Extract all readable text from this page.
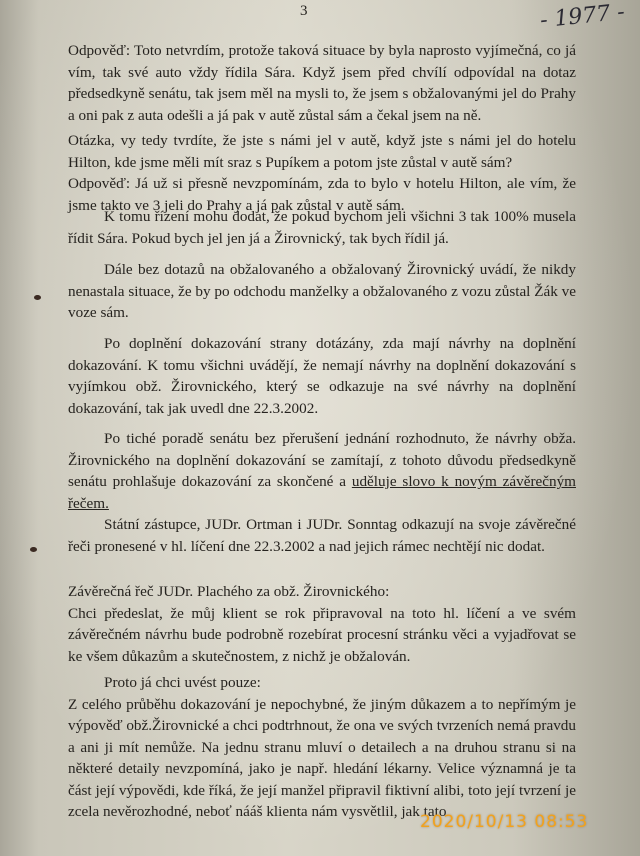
3	- 1977 -

Odpověď: Toto netvrdím, protože taková situace by byla naprosto vyjímečná, co já vím, tak své auto vždy řídila Sára. Když jsem před chvílí odpovídal na dotaz předsedkyně senátu, tak jsem měl na mysli to, že jsem s obžalovanými jel do Prahy a oni pak z auta odešli a já pak v autě zůstal sám a čekal jsem na ně.

Otázka, vy tedy tvrdíte, že jste s námi jel v autě, když jste s námi jel do hotelu Hilton, kde jsme měli mít sraz s Pupíkem a potom jste zůstal v autě sám?

Odpověď: Já už si přesně nevzpomínám, zda to bylo v hotelu Hilton, ale vím, že jsme takto ve 3 jeli do Prahy a já pak zůstal v autě sám.

K tomu řízení mohu dodat, že pokud bychom jeli všichni 3 tak 100% musela řídit Sára. Pokud bych jel jen já a Žirovnický, tak bych řídil já.

Dále bez dotazů na obžalovaného a obžalovaný Žirovnický uvádí, že nikdy nenastala situace, že by po odchodu manželky a obžalovaného z vozu zůstal Žák ve voze sám.

Po doplnění dokazování strany dotázány, zda mají návrhy na doplnění dokazování. K tomu všichni uvádějí, že nemají návrhy na doplnění dokazování s vyjímkou obž. Žirovnického, který se odkazuje na své návrhy na doplnění dokazování, tak jak uvedl dne 22.3.2002.

Po tiché poradě senátu bez přerušení jednání rozhodnuto, že návrhy obža. Žirovnického na doplnění dokazování se zamítají, z tohoto důvodu předsedkyně senátu prohlašuje dokazování za skončené a uděluje slovo k novým závěrečným řečem.

Státní zástupce, JUDr. Ortman i JUDr. Sonntag odkazují na svoje závěrečné řeči pronesené v hl. líčení dne 22.3.2002 a nad jejich rámec nechtějí nic dodat.

Závěrečná řeč JUDr. Plachého za obž. Žirovnického:

Chci předeslat, že můj klient se rok připravoval na toto hl. líčení a ve svém závěrečném návrhu bude podrobně rozebírat procesní stránku věci a vyjadřovat se ke všem důkazům a skutečnostem, z nichž je obžalován.

Proto já chci uvést pouze:

Z celého průběhu dokazování je nepochybné, že jiným důkazem a to nepřímým je výpověď obž.Žirovnické a chci podtrhnout, že ona ve svých tvrzeních nemá pravdu a ani ji mít nemůže. Na jednu stranu mluví o detailech a na druhou stranu si na některé detaily nevzpomíná, jako je např. hledání lékarny. Velice významná je ta část její výpovědi, kde říká, že její manžel připravil fiktivní alibi, toto její tvrzení je zcela nevěrozhodné, neboť nááš klienta nám vysvětlil, jak tato

2020/10/13 08:53
